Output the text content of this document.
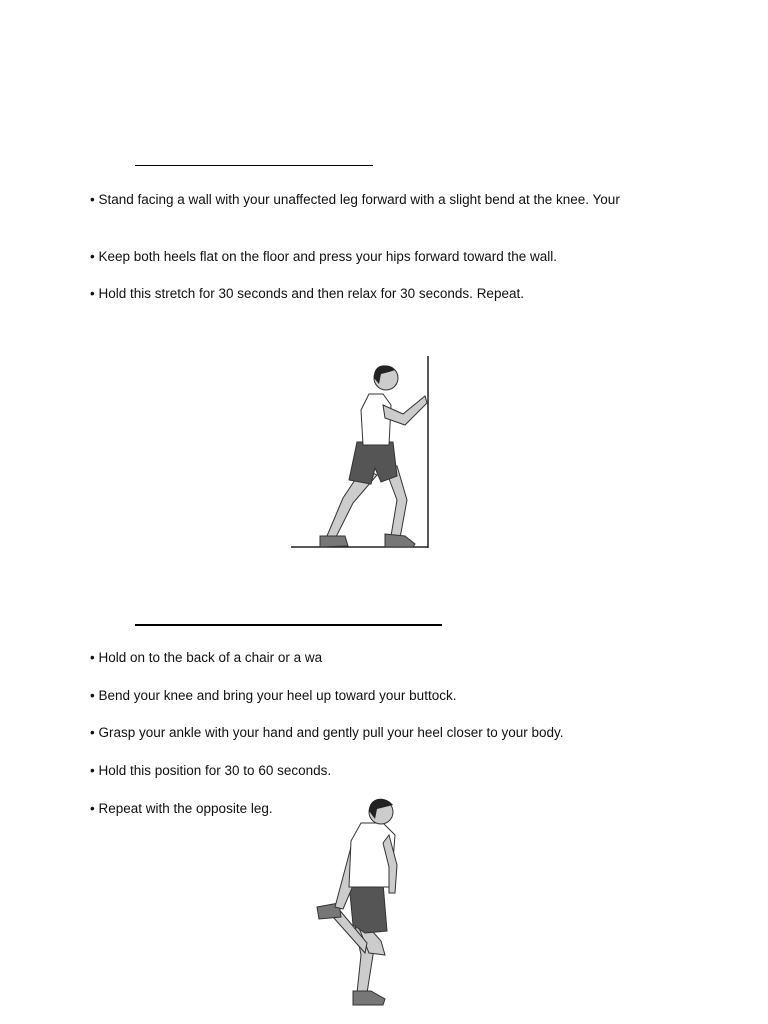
• Stand facing a wall with your unaffected leg forward with a slight bend at the knee. Your
• Keep both heels flat on the floor and press your hips forward toward the wall.
• Hold this stretch for 30 seconds and then relax for 30 seconds. Repeat.
• Hold on to the back of a chair or a wa
• Bend your knee and bring your heel up toward your buttock.
• Grasp your ankle with your hand and gently pull your heel closer to your body.
• Hold this position for 30 to 60 seconds.
• Repeat with the opposite leg.
